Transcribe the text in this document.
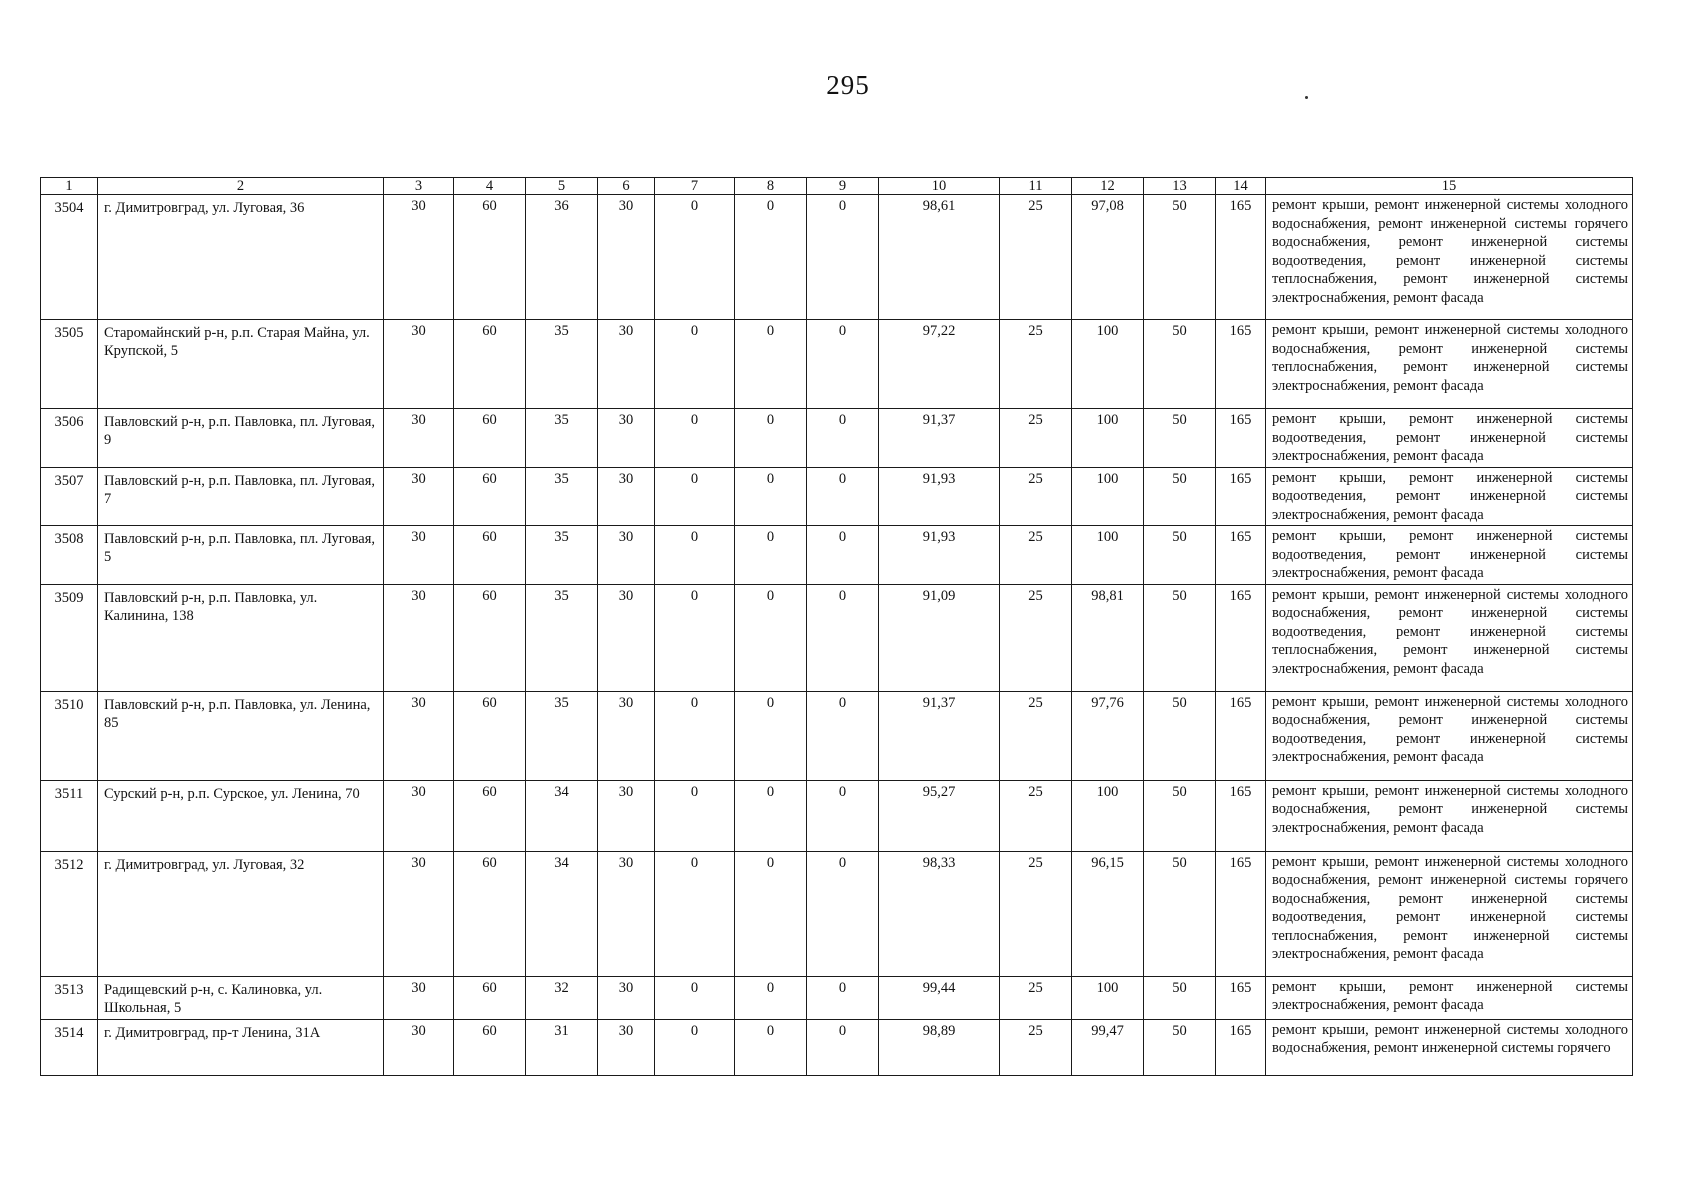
295
1	2	3	4	5	6	7	8	9	10	11	12	13	14	15
3504	г. Димитровград, ул. Луговая, 36	30	60	36	30	0	0	0	98,61	25	97,08	50	165	ремонт крыши, ремонт инженерной системы холодного водоснабжения, ремонт инженерной системы горячего водоснабжения, ремонт инженерной системы водоотведения, ремонт инженерной системы теплоснабжения, ремонт инженерной системы электроснабжения, ремонт фасада
3505	Старомайнский р-н, р.п. Старая Майна, ул. Крупской, 5	30	60	35	30	0	0	0	97,22	25	100	50	165	ремонт крыши, ремонт инженерной системы холодного водоснабжения, ремонт инженерной системы теплоснабжения, ремонт инженерной системы электроснабжения, ремонт фасада
3506	Павловский р-н, р.п. Павловка, пл. Луговая, 9	30	60	35	30	0	0	0	91,37	25	100	50	165	ремонт крыши, ремонт инженерной системы водоотведения, ремонт инженерной системы электроснабжения, ремонт фасада
3507	Павловский р-н, р.п. Павловка, пл. Луговая, 7	30	60	35	30	0	0	0	91,93	25	100	50	165	ремонт крыши, ремонт инженерной системы водоотведения, ремонт инженерной системы электроснабжения, ремонт фасада
3508	Павловский р-н, р.п. Павловка, пл. Луговая, 5	30	60	35	30	0	0	0	91,93	25	100	50	165	ремонт крыши, ремонт инженерной системы водоотведения, ремонт инженерной системы электроснабжения, ремонт фасада
3509	Павловский р-н, р.п. Павловка, ул. Калинина, 138	30	60	35	30	0	0	0	91,09	25	98,81	50	165	ремонт крыши, ремонт инженерной системы холодного водоснабжения, ремонт инженерной системы водоотведения, ремонт инженерной системы теплоснабжения, ремонт инженерной системы электроснабжения, ремонт фасада
3510	Павловский р-н, р.п. Павловка, ул. Ленина, 85	30	60	35	30	0	0	0	91,37	25	97,76	50	165	ремонт крыши, ремонт инженерной системы холодного водоснабжения, ремонт инженерной системы водоотведения, ремонт инженерной системы электроснабжения, ремонт фасада
3511	Сурский р-н, р.п. Сурское, ул. Ленина, 70	30	60	34	30	0	0	0	95,27	25	100	50	165	ремонт крыши, ремонт инженерной системы холодного водоснабжения, ремонт инженерной системы электроснабжения, ремонт фасада
3512	г. Димитровград, ул. Луговая, 32	30	60	34	30	0	0	0	98,33	25	96,15	50	165	ремонт крыши, ремонт инженерной системы холодного водоснабжения, ремонт инженерной системы горячего водоснабжения, ремонт инженерной системы водоотведения, ремонт инженерной системы теплоснабжения, ремонт инженерной системы электроснабжения, ремонт фасада
3513	Радищевский р-н, с. Калиновка, ул. Школьная, 5	30	60	32	30	0	0	0	99,44	25	100	50	165	ремонт крыши, ремонт инженерной системы электроснабжения, ремонт фасада
3514	г. Димитровград, пр-т Ленина, 31А	30	60	31	30	0	0	0	98,89	25	99,47	50	165	ремонт крыши, ремонт инженерной системы холодного водоснабжения, ремонт инженерной системы горячего
